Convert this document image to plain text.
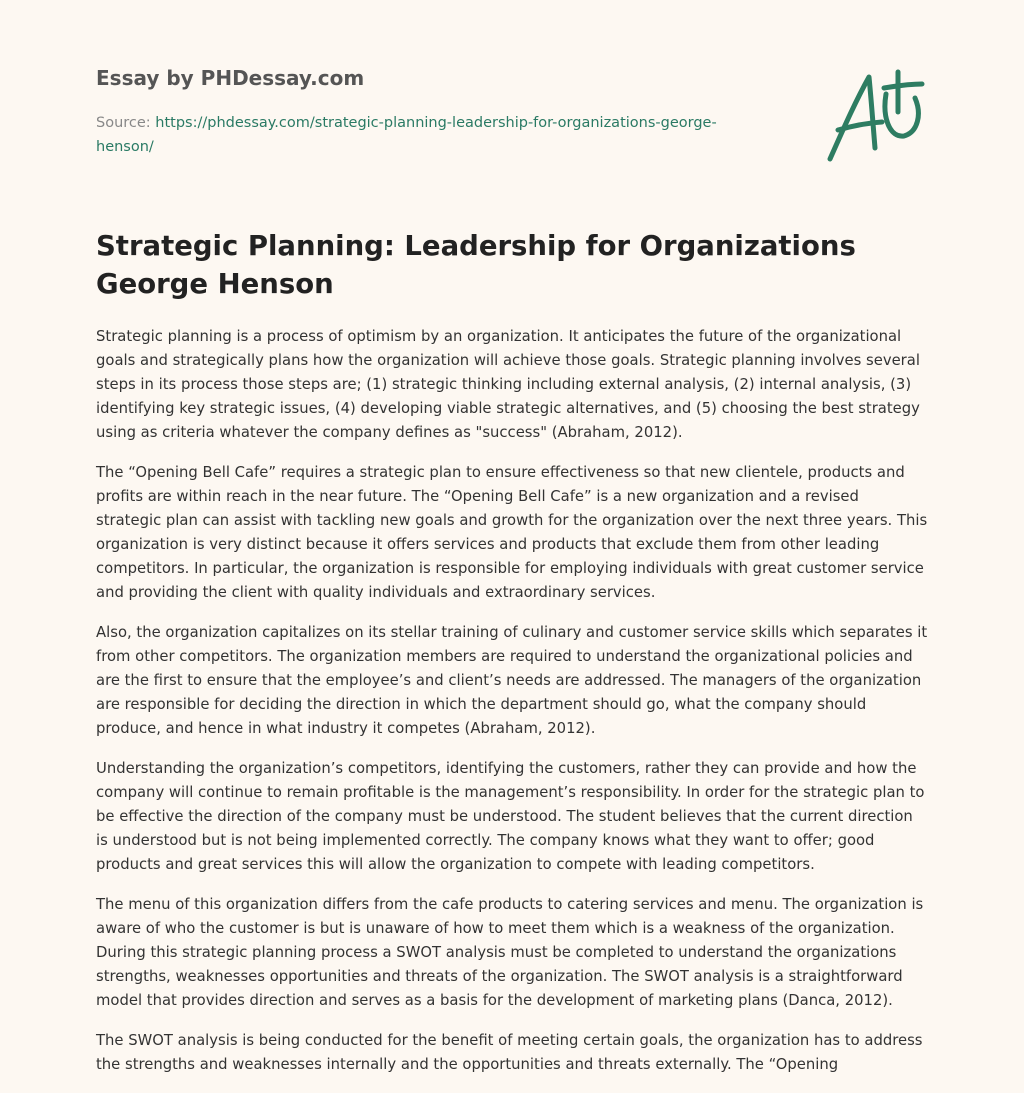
Essay by PHDessay.com
Source: https://phdessay.com/strategic-planning-leadership-for-organizations-george-henson/
Strategic Planning: Leadership for Organizations George Henson

Strategic planning is a process of optimism by an organization. It anticipates the future of the organizational goals and strategically plans how the organization will achieve those goals. Strategic planning involves several steps in its process those steps are; (1) strategic thinking including external analysis, (2) internal analysis, (3) identifying key strategic issues, (4) developing viable strategic alternatives, and (5) choosing the best strategy using as criteria whatever the company defines as "success" (Abraham, 2012).

The “Opening Bell Cafe” requires a strategic plan to ensure effectiveness so that new clientele, products and profits are within reach in the near future. The “Opening Bell Cafe” is a new organization and a revised strategic plan can assist with tackling new goals and growth for the organization over the next three years. This organization is very distinct because it offers services and products that exclude them from other leading competitors. In particular, the organization is responsible for employing individuals with great customer service and providing the client with quality individuals and extraordinary services.

Also, the organization capitalizes on its stellar training of culinary and customer service skills which separates it from other competitors. The organization members are required to understand the organizational policies and are the first to ensure that the employee’s and client’s needs are addressed. The managers of the organization are responsible for deciding the direction in which the department should go, what the company should produce, and hence in what industry it competes (Abraham, 2012).

Understanding the organization’s competitors, identifying the customers, rather they can provide and how the company will continue to remain profitable is the management’s responsibility. In order for the strategic plan to be effective the direction of the company must be understood. The student believes that the current direction is understood but is not being implemented correctly. The company knows what they want to offer; good products and great services this will allow the organization to compete with leading competitors.

The menu of this organization differs from the cafe products to catering services and menu. The organization is aware of who the customer is but is unaware of how to meet them which is a weakness of the organization. During this strategic planning process a SWOT analysis must be completed to understand the organizations strengths, weaknesses opportunities and threats of the organization. The SWOT analysis is a straightforward model that provides direction and serves as a basis for the development of marketing plans (Danca, 2012).

The SWOT analysis is being conducted for the benefit of meeting certain goals, the organization has to address the strengths and weaknesses internally and the opportunities and threats externally. The “Opening
